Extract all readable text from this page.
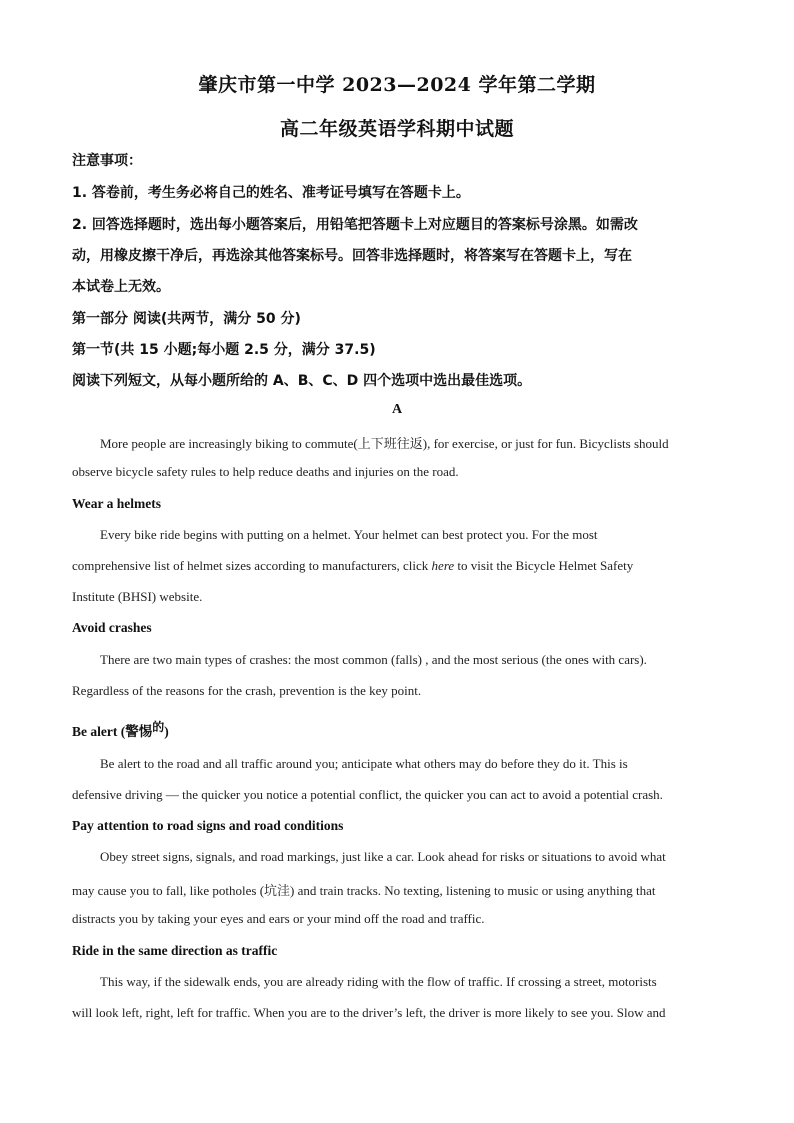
肇庆市第一中学 2023—2024 学年第二学期
高二年级英语学科期中试题
注意事项：
1. 答卷前，考生务必将自己的姓名、准考证号填写在答题卡上。
2. 回答选择题时，选出每小题答案后，用铅笔把答题卡上对应题目的答案标号涂黑。如需改
动，用橡皮擦干净后，再选涂其他答案标号。回答非选择题时，将答案写在答题卡上，写在
本试卷上无效。
第一部分 阅读(共两节，满分 50 分)
第一节(共 15 小题;每小题 2.5 分，满分 37.5)
阅读下列短文，从每小题所给的 A、B、C、D 四个选项中选出最佳选项。
A
More people are increasingly biking to commute(上下班往返), for exercise, or just for fun. Bicyclists should
observe bicycle safety rules to help reduce deaths and injuries on the road.
Wear a helmets
Every bike ride begins with putting on a helmet. Your helmet can best protect you. For the most
comprehensive list of helmet sizes according to manufacturers, click here to visit the Bicycle Helmet Safety
Institute (BHSI) website.
Avoid crashes
There are two main types of crashes: the most common (falls) , and the most serious (the ones with cars).
Regardless of the reasons for the crash, prevention is the key point.
Be alert (警惕的)
Be alert to the road and all traffic around you; anticipate what others may do before they do it. This is
defensive driving — the quicker you notice a potential conflict, the quicker you can act to avoid a potential crash.
Pay attention to road signs and road conditions
Obey street signs, signals, and road markings, just like a car. Look ahead for risks or situations to avoid what
may cause you to fall, like potholes (坑洼) and train tracks. No texting, listening to music or using anything that
distracts you by taking your eyes and ears or your mind off the road and traffic.
Ride in the same direction as traffic
This way, if the sidewalk ends, you are already riding with the flow of traffic. If crossing a street, motorists
will look left, right, left for traffic. When you are to the driver’s left, the driver is more likely to see you. Slow and
